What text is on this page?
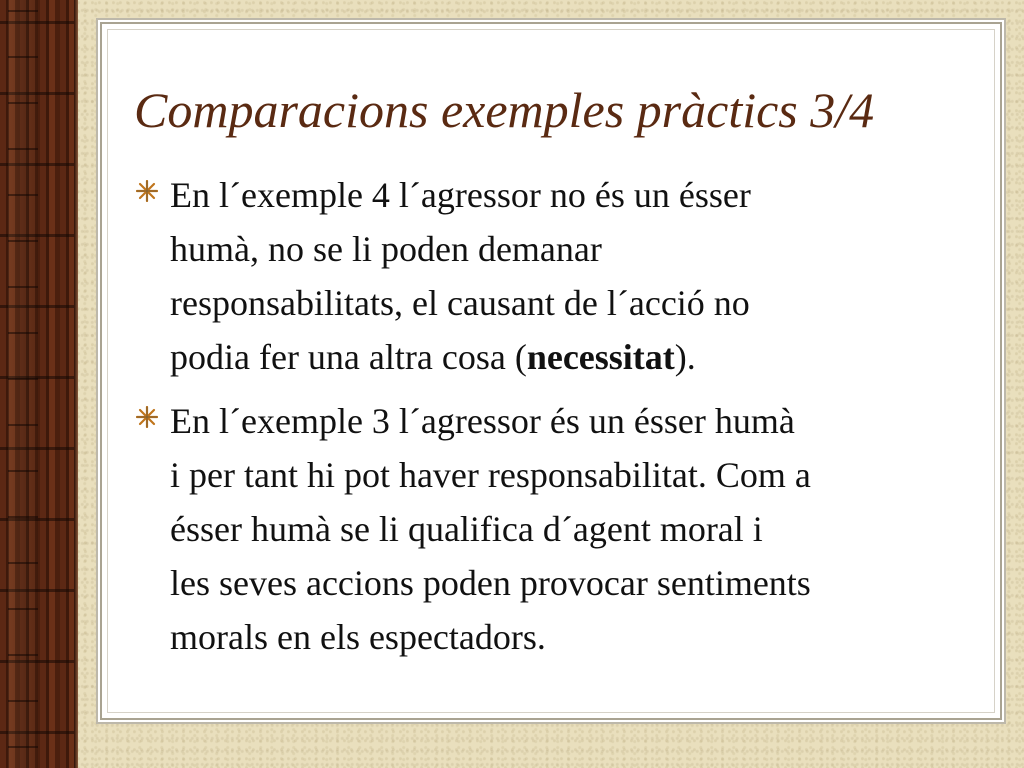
Comparacions exemples pràctics 3/4
En l´exemple 4 l´agressor no és un ésser
humà, no se li poden demanar
responsabilitats, el causant de l´acció no
podia fer una altra cosa (necessitat).
En l´exemple 3 l´agressor és un ésser humà
i per tant hi pot haver responsabilitat. Com a
ésser humà se li qualifica d´agent moral i
les seves accions poden provocar sentiments
morals en els espectadors.
